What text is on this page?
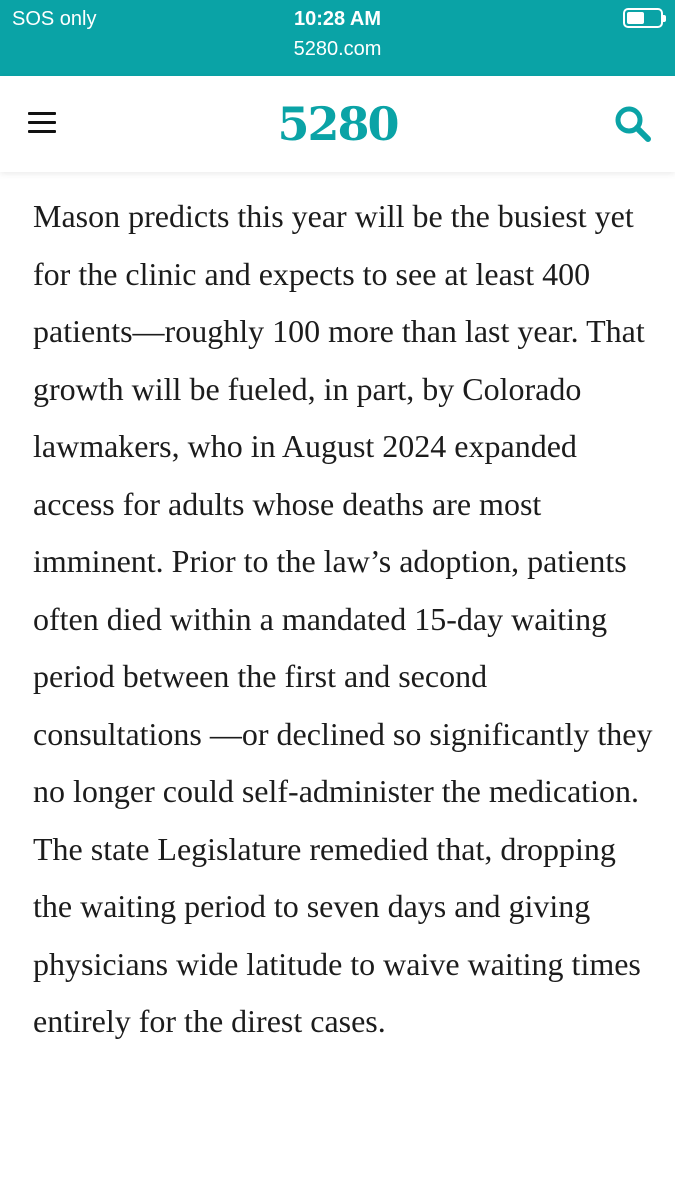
SOS only	10:28 AM
5280.com
5280

Mason predicts this year will be the busiest yet for the clinic and expects to see at least 400 patients—roughly 100 more than last year. That growth will be fueled, in part, by Colorado lawmakers, who in August 2024 expanded access for adults whose deaths are most imminent. Prior to the law’s adoption, patients often died within a mandated 15-day waiting period between the first and second consultations —or declined so significantly they no longer could self-administer the medication. The state Legislature remedied that, dropping the waiting period to seven days and giving physicians wide latitude to waive waiting times entirely for the direst cases.
